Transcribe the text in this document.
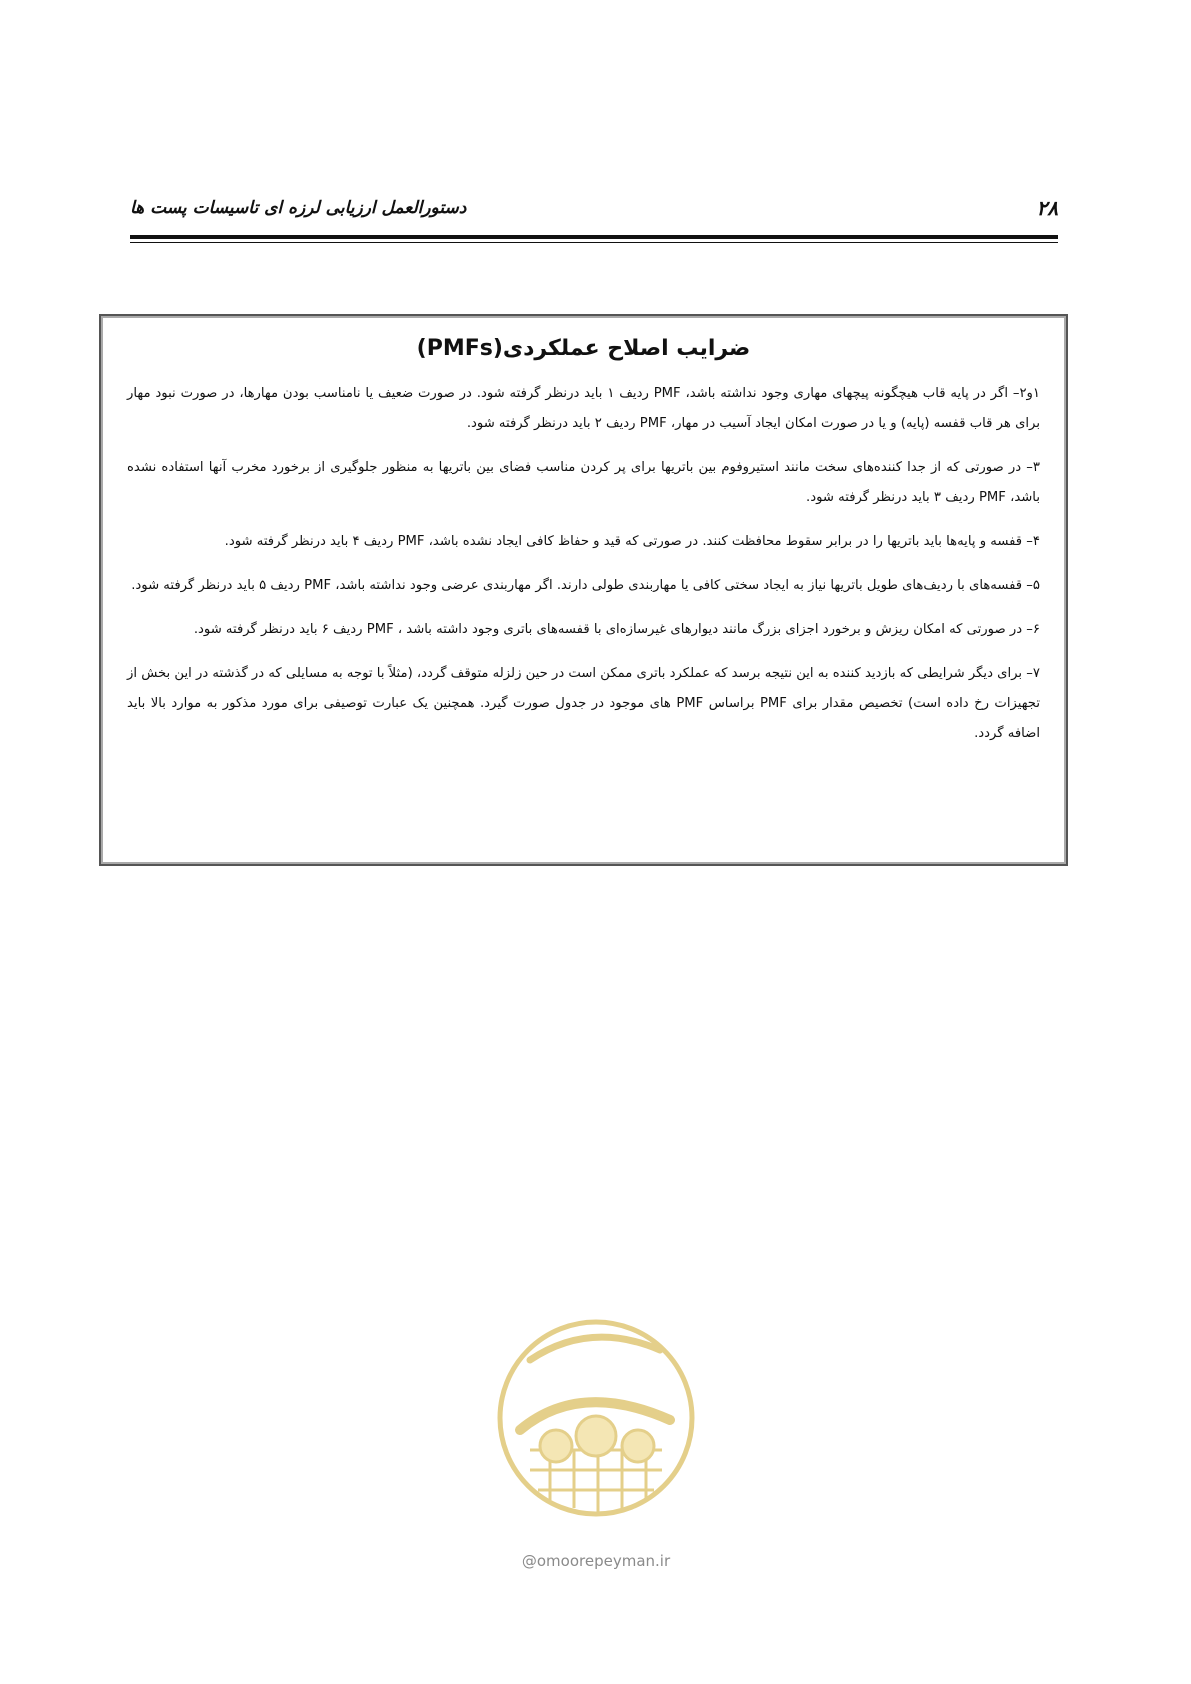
۲۸
دستورالعمل ارزیابی لرزه ای تاسیسات پست ها
ضرایب اصلاح عملکردی(PMFs)

۱و۲– اگر در پایه قاب هیچگونه پیچهای مهاری وجود نداشته باشد، PMF ردیف ۱ باید درنظر گرفته شود. در صورت ضعیف یا نامناسب بودن مهارها، در صورت نبود مهار برای هر قاب قفسه (پایه) و یا در صورت امکان ایجاد آسیب در مهار، PMF ردیف ۲ باید درنظر گرفته شود.

۳– در صورتی که از جدا کننده‌های سخت مانند استیروفوم بین باتریها برای پر کردن مناسب فضای بین باتریها به منظور جلوگیری از برخورد مخرب آنها استفاده نشده باشد، PMF ردیف ۳ باید درنظر گرفته شود.

۴– قفسه و پایه‌ها باید باتریها را در برابر سقوط محافظت کنند. در صورتی که قید و حفاظ کافی ایجاد نشده باشد، PMF ردیف ۴ باید درنظر گرفته شود.

۵– قفسه‌های با ردیف‌های طویل باتریها نیاز به ایجاد سختی کافی یا مهاربندی طولی دارند. اگر مهاربندی عرضی وجود نداشته باشد، PMF ردیف ۵ باید درنظر گرفته شود.

۶– در صورتی که امکان ریزش و برخورد اجزای بزرگ مانند دیوارهای غیرسازه‌ای با قفسه‌های باتری وجود داشته باشد ، PMF ردیف ۶ باید درنظر گرفته شود.

۷– برای دیگر شرایطی که بازدید کننده به این نتیجه برسد که عملکرد باتری ممکن است در حین زلزله متوقف گردد، (مثلاً با توجه به مسایلی که در گذشته در این بخش از تجهیزات رخ داده است) تخصیص مقدار برای PMF براساس PMF های موجود در جدول صورت گیرد. همچنین یک عبارت توصیفی برای مورد مذکور به موارد بالا باید اضافه گردد.

@omoorepeyman.ir
